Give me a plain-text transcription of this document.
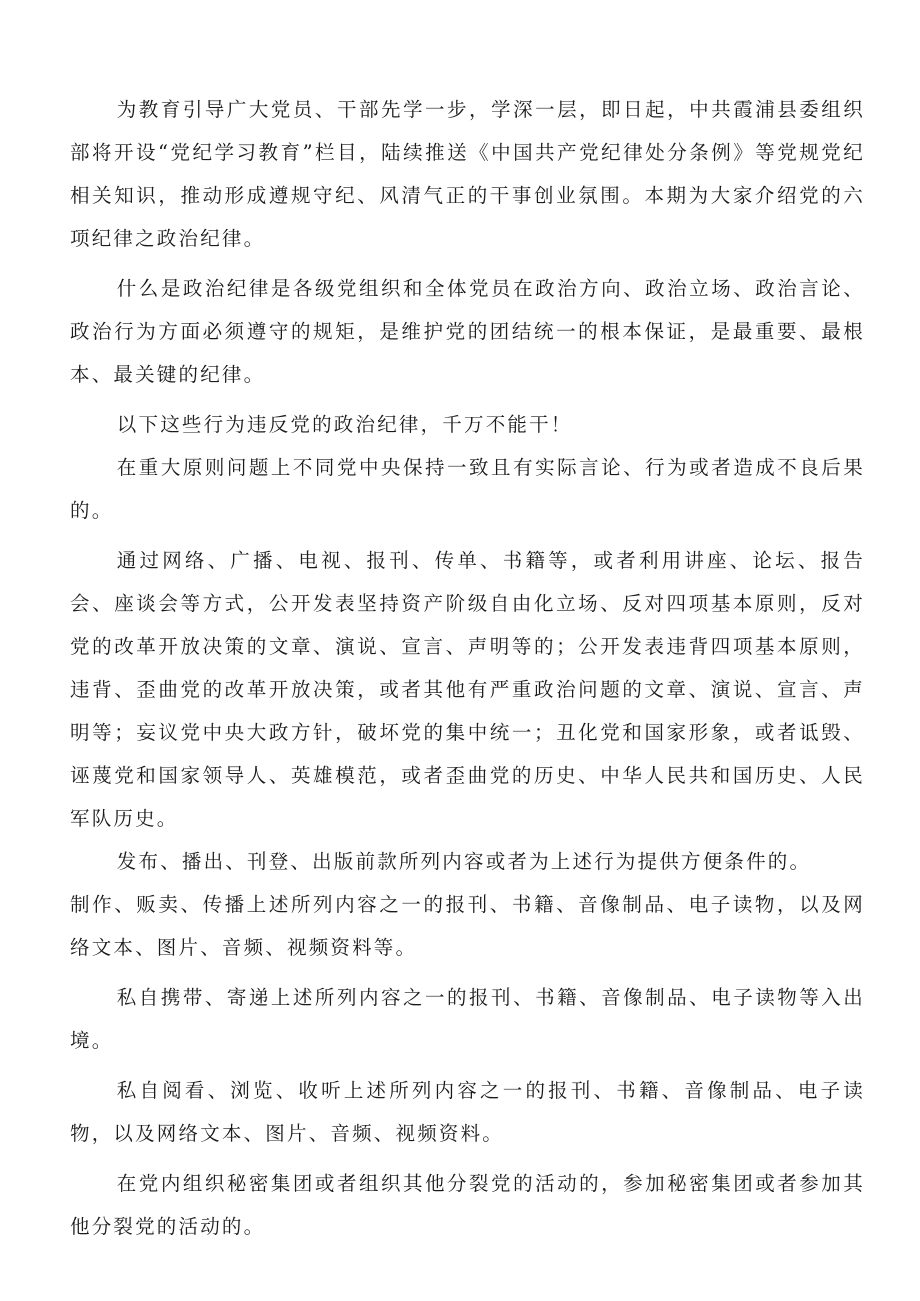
为教育引导广大党员、干部先学一步，学深一层，即日起，中共霞浦县委组织部将开设“党纪学习教育”栏目，陆续推送《中国共产党纪律处分条例》等党规党纪相关知识，推动形成遵规守纪、风清气正的干事创业氛围。本期为大家介绍党的六项纪律之政治纪律。

什么是政治纪律是各级党组织和全体党员在政治方向、政治立场、政治言论、政治行为方面必须遵守的规矩，是维护党的团结统一的根本保证，是最重要、最根本、最关键的纪律。

以下这些行为违反党的政治纪律，千万不能干！

在重大原则问题上不同党中央保持一致且有实际言论、行为或者造成不良后果的。

通过网络、广播、电视、报刊、传单、书籍等，或者利用讲座、论坛、报告会、座谈会等方式，公开发表坚持资产阶级自由化立场、反对四项基本原则，反对党的改革开放决策的文章、演说、宣言、声明等的；公开发表违背四项基本原则，违背、歪曲党的改革开放决策，或者其他有严重政治问题的文章、演说、宣言、声明等；妄议党中央大政方针，破坏党的集中统一；丑化党和国家形象，或者诋毁、诬蔑党和国家领导人、英雄模范，或者歪曲党的历史、中华人民共和国历史、人民军队历史。

发布、播出、刊登、出版前款所列内容或者为上述行为提供方便条件的。

制作、贩卖、传播上述所列内容之一的报刊、书籍、音像制品、电子读物，以及网络文本、图片、音频、视频资料等。

私自携带、寄递上述所列内容之一的报刊、书籍、音像制品、电子读物等入出境。

私自阅看、浏览、收听上述所列内容之一的报刊、书籍、音像制品、电子读物，以及网络文本、图片、音频、视频资料。

在党内组织秘密集团或者组织其他分裂党的活动的，参加秘密集团或者参加其他分裂党的活动的。
